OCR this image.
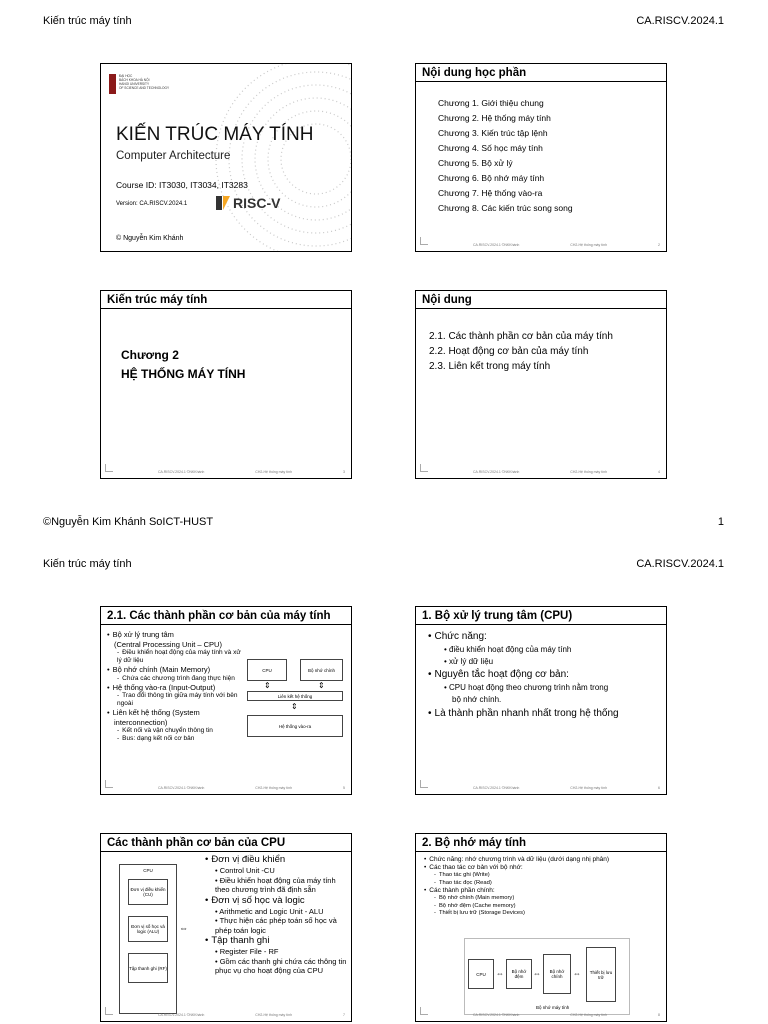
Kiến trúc máy tính	CA.RISCV.2024.1
ĐẠI HỌC
BÁCH KHOA HÀ NỘI
HANOI UNIVERSITY
OF SCIENCE AND TECHNOLOGY
KIẾN TRÚC MÁY TÍNH
Computer Architecture
Course ID: IT3030, IT3034, IT3283
Version: CA.RISCV.2024.1	RISC-V
© Nguyễn Kim Khánh
Nội dung học phần
Chương 1. Giới thiệu chung
Chương 2. Hệ thống máy tính
Chương 3. Kiến trúc tập lệnh
Chương 4. Số học máy tính
Chương 5. Bộ xử lý
Chương 6. Bộ nhớ máy tính
Chương 7. Hệ thống vào-ra
Chương 8. Các kiến trúc song song
CA.RISCV.2024.1 ©NKKhánh	CH2-Hệ thống máy tính	2
Kiến trúc máy tính
Chương 2
HỆ THỐNG MÁY TÍNH
CA.RISCV.2024.1 ©NKKhánh	CH2-Hệ thống máy tính	3
Nội dung
2.1. Các thành phần cơ bản của máy tính
2.2. Hoạt động cơ bản của máy tính
2.3. Liên kết trong máy tính
CA.RISCV.2024.1 ©NKKhánh	CH2-Hệ thống máy tính	4
©Nguyễn Kim Khánh SoICT-HUST	1
Kiến trúc máy tính	CA.RISCV.2024.1
2.1. Các thành phần cơ bản của máy tính
• Bộ xử lý trung tâm
(Central Processing Unit – CPU)
- Điều khiển hoạt động của máy tính và xử lý dữ liệu
• Bộ nhớ chính (Main Memory)
- Chứa các chương trình đang thực hiện
• Hệ thống vào-ra (Input-Output)
- Trao đổi thông tin giữa máy tính với bên ngoài
• Liên kết hệ thống (System
interconnection)
- Kết nối và vận chuyển thông tin
- Bus: dạng kết nối cơ bản
CPU	Bộ nhớ chính
⇕	⇕
Liên kết hệ thống
⇕
Hệ thống vào-ra
CA.RISCV.2024.1 ©NKKhánh	CH2-Hệ thống máy tính	5
1. Bộ xử lý trung tâm (CPU)
• Chức năng:
• điều khiển hoạt động của máy tính
• xử lý dữ liệu
• Nguyên tắc hoạt động cơ bản:
• CPU hoạt động theo chương trình nằm trong
bộ nhớ chính.
• Là thành phần nhanh nhất trong hệ thống
CA.RISCV.2024.1 ©NKKhánh	CH2-Hệ thống máy tính	6
Các thành phần cơ bản của CPU
CPU
Đơn vị điều khiển (CU)
Đơn vị số học và logic (ALU)
Tập thanh ghi (RF)
⇔
• Đơn vị điều khiển
• Control Unit -CU
• Điều khiển hoạt động của máy tính theo chương trình đã định sẵn
• Đơn vị số học và logic
• Arithmetic and Logic Unit - ALU
• Thực hiện các phép toán số học và phép toán logic
• Tập thanh ghi
• Register File - RF
• Gồm các thanh ghi chứa các thông tin phục vụ cho hoạt động của CPU
CA.RISCV.2024.1 ©NKKhánh	CH2-Hệ thống máy tính	7
2. Bộ nhớ máy tính
• Chức năng: nhớ chương trình và dữ liệu (dưới dạng nhị phân)
• Các thao tác cơ bản với bộ nhớ:
- Thao tác ghi (Write)
- Thao tác đọc (Read)
• Các thành phần chính:
- Bộ nhớ chính (Main memory)
- Bộ nhớ đệm (Cache memory)
- Thiết bị lưu trữ (Storage Devices)
CPU	⇔	Bộ nhớ đệm	⇔	Bộ nhớ chính	⇔	Thiết bị lưu trữ
Bộ nhớ máy tính
CA.RISCV.2024.1 ©NKKhánh	CH2-Hệ thống máy tính	8
